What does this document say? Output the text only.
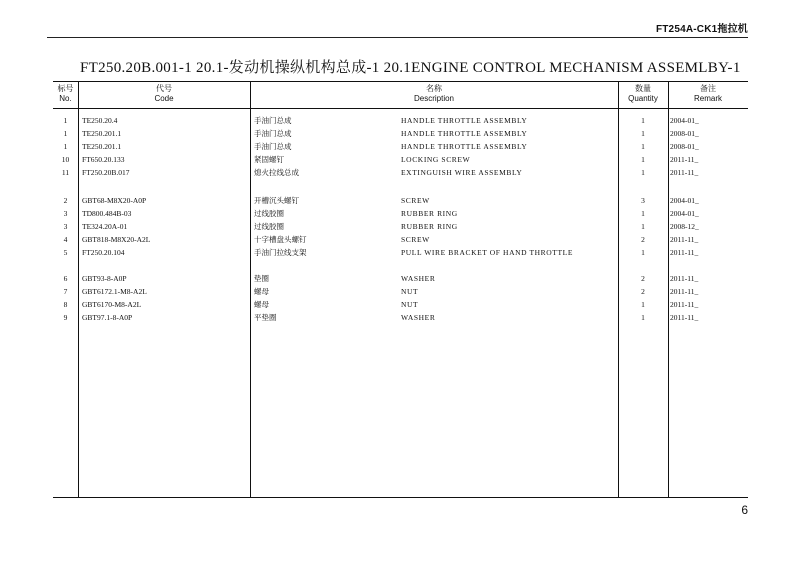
FT254A-CK1拖拉机
FT250.20B.001-1 20.1-发动机操纵机构总成-1 20.1ENGINE CONTROL MECHANISM ASSEMLBY-1
标号
No.
代号
Code
名称
Description
数量
Quantity
备注
Remark
1	TE250.20.4	手油门总成	HANDLE THROTTLE ASSEMBLY	1	2004-01_
1	TE250.201.1	手油门总成	HANDLE THROTTLE ASSEMBLY	1	2008-01_
1	TE250.201.1	手油门总成	HANDLE THROTTLE ASSEMBLY	1	2008-01_
10	FT650.20.133	紧固螺钉	LOCKING SCREW	1	2011-11_
11	FT250.20B.017	熄火拉线总成	EXTINGUISH WIRE ASSEMBLY	1	2011-11_
2	GBT68-M8X20-A0P	开槽沉头螺钉	SCREW	3	2004-01_
3	TD800.484B-03	过线胶圈	RUBBER RING	1	2004-01_
3	TE324.20A-01	过线胶圈	RUBBER RING	1	2008-12_
4	GBT818-M8X20-A2L	十字槽盘头螺钉	SCREW	2	2011-11_
5	FT250.20.104	手油门拉线支架	PULL WIRE BRACKET OF HAND THROTTLE	1	2011-11_
6	GBT93-8-A0P	垫圈	WASHER	2	2011-11_
7	GBT6172.1-M8-A2L	螺母	NUT	2	2011-11_
8	GBT6170-M8-A2L	螺母	NUT	1	2011-11_
9	GBT97.1-8-A0P	平垫圈	WASHER	1	2011-11_
6
